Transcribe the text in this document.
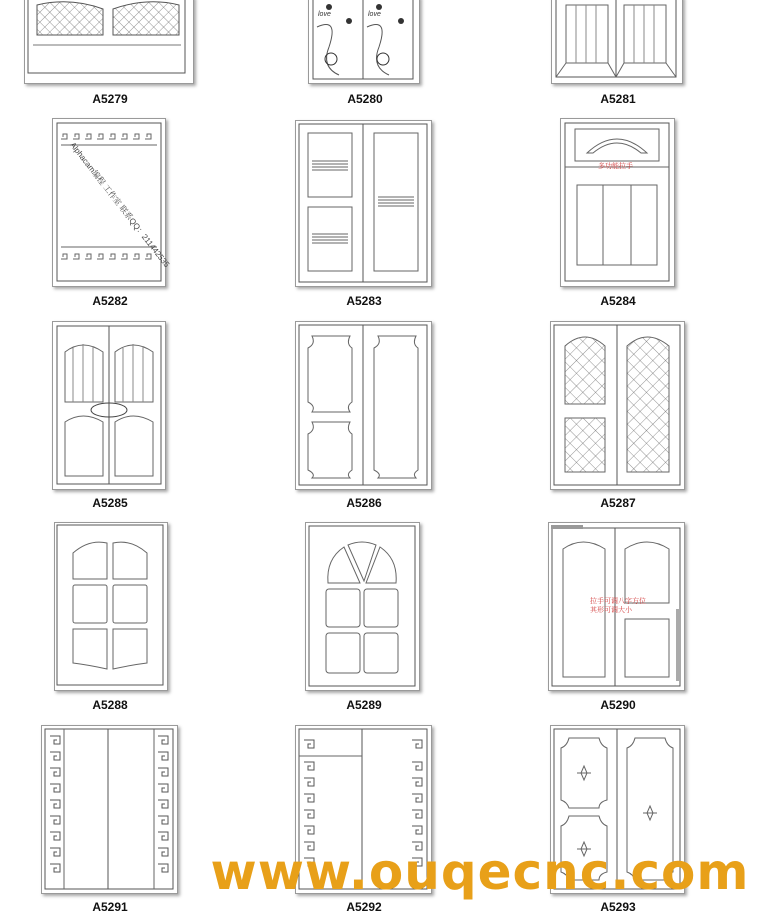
A5279
love	love
A5280	A5281
Alphacam编程 工作室 联系QQ：211442535
A5282	A5283
多功能拉手
A5284
A5285	A5286	A5287
A5288	A5289
拉手可调八字方位
其形可调大小
A5290
A5291	A5292	A5293
www.ouqecnc.com
